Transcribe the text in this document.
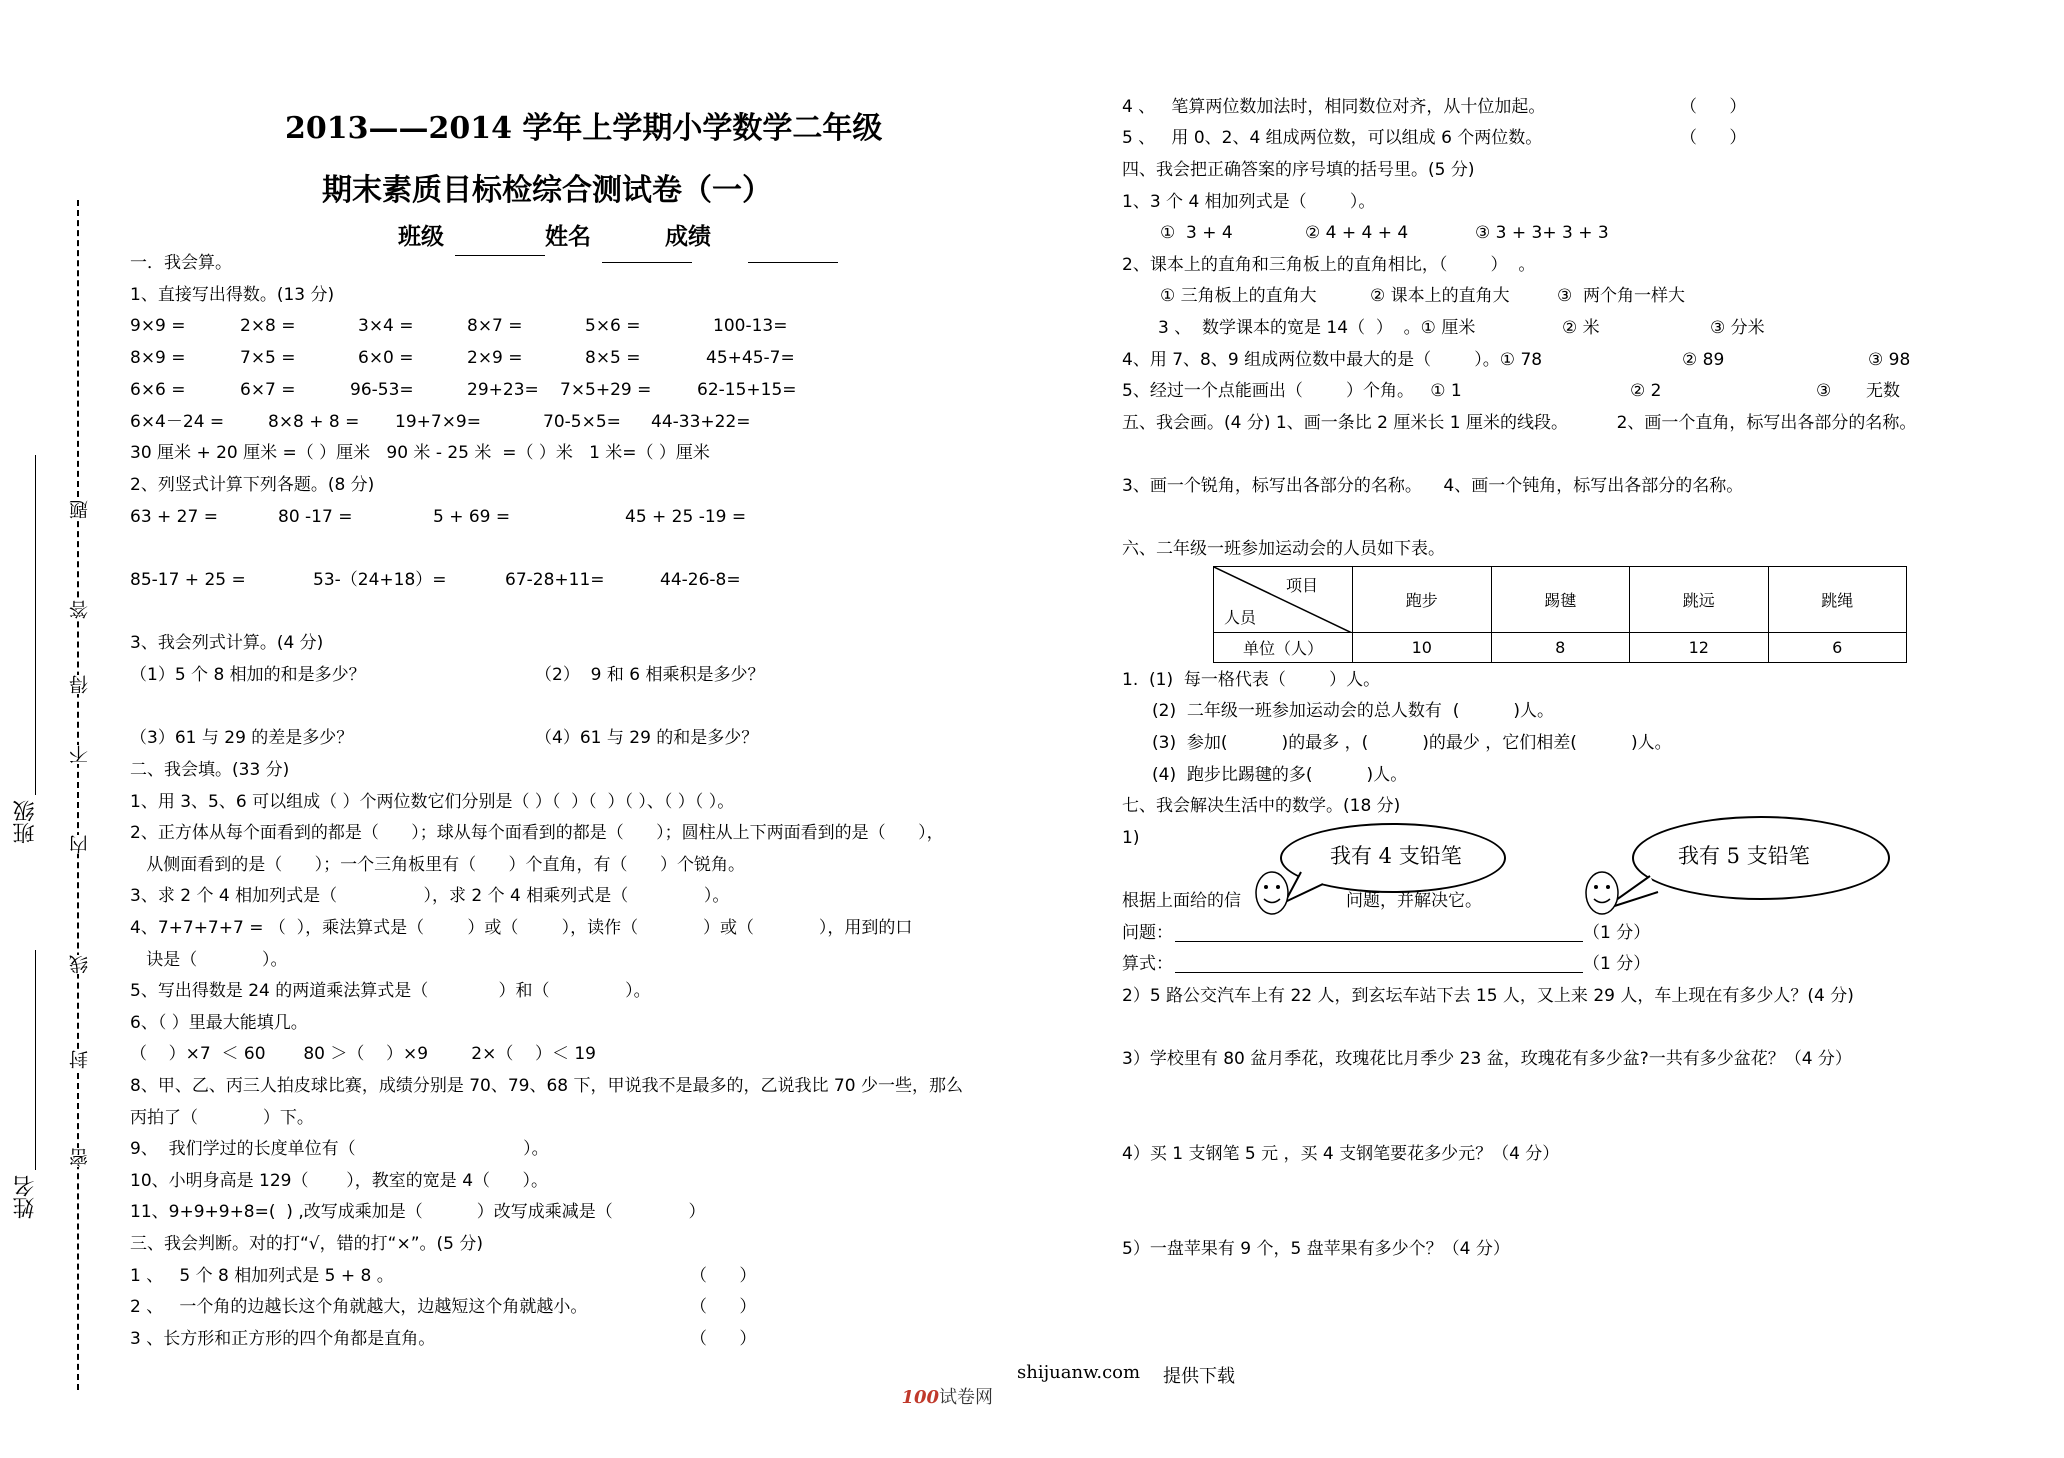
班级
姓名
密
封
线
内
不
得
答
题
2013——2014 学年上学期小学数学二年级
期末素质目标检综合测试卷（一）
班级	姓名	成绩
一．我会算。
1、直接写出得数。(13 分)
9×9 =	2×8 =	3×4 =	8×7 =	5×6 =	100-13=
8×9 =	7×5 =	6×0 =	2×9 =	8×5 =	45+45-7=
6×6 =	6×7 =	96-53=	29+23= 7×5+29 =	62-15+15=
6×4－24 =	8×8 + 8 = 19+7×9=	70-5×5= 44-33+22=
30 厘米 + 20 厘米 =（ ）厘米   90 米 - 25 米  =（ ）米   1 米=（ ）厘米
2、列竖式计算下列各题。(8 分)
63 + 27 =	80 -17 =	5 + 69 =	45 + 25 -19 =
85-17 + 25 =	53-（24+18）=	67-28+11=	44-26-8=
3、我会列式计算。(4 分)
（1）5 个 8 相加的和是多少？	（2）  9 和 6 相乘积是多少？
（3）61 与 29 的差是多少？	（4）61 与 29 的和是多少？
二、我会填。(33 分)
1、用 3、5、6 可以组成（ ）个两位数它们分别是（ ）（  ）（  ）（ ）、（ ）（ ）。
2、正方体从每个面看到的都是（      ）；球从每个面看到的都是（      ）；圆柱从上下两面看到的是（      ），
从侧面看到的是（      ）；一个三角板里有（      ）个直角，有（      ）个锐角。
3、求 2 个 4 相加列式是（                ），求 2 个 4 相乘列式是（              ）。
4、7+7+7+7 = （  ），乘法算式是（        ）或（        ），读作（            ）或（            ），用到的口
诀是（            ）。
5、写出得数是 24 的两道乘法算式是（             ）和（              ）。
6、（ ）里最大能填几。
（    ）×7  ＜ 60       80 ＞（    ）×9        2×（    ）＜ 19
8、甲、乙、丙三人拍皮球比赛，成绩分别是 70、79、68 下，甲说我不是最多的，乙说我比 70 少一些，那么
丙拍了（            ）下。
9、  我们学过的长度单位有（                               ）。
10、小明身高是 129（       ），教室的宽是 4（      ）。
11、9+9+9+8=(  ) ,改写成乘加是（          ）改写成乘减是（              ）
三、我会判断。对的打“√，错的打“×”。(5 分)
1 、   5 个 8 相加列式是 5 + 8 。	（      ）
2 、   一个角的边越长这个角就越大，边越短这个角就越小。	（      ）
3 、长方形和正方形的四个角都是直角。	（      ）
4 、   笔算两位数加法时，相同数位对齐，从十位加起。	（      ）
5 、   用 0、2、4 组成两位数，可以组成 6 个两位数。	（      ）
四、我会把正确答案的序号填的括号里。(5 分)
1、3 个 4 相加列式是（        ）。
①  3 + 4	② 4 + 4 + 4	③ 3 + 3+ 3 + 3
2、课本上的直角和三角板上的直角相比，（        ）  。
① 三角板上的直角大	② 课本上的直角大	③  两个角一样大
3 、  数学课本的宽是 14（  ）  。① 厘米	② 米	③ 分米
4、用 7、8、9 组成两位数中最大的是（        ）。① 78	② 89	③ 98
5、经过一个点能画出（        ）个角。   ① 1	② 2	③ 无数
五、我会画。(4 分) 1、画一条比 2 厘米长 1 厘米的线段。         2、画一个直角，标写出各部分的名称。
3、画一个锐角，标写出各部分的名称。    4、画一个钝角，标写出各部分的名称。
六、二年级一班参加运动会的人员如下表。
项目
人员	跑步	踢毽	跳远	跳绳
单位（人）	10	8	12	6
1.  (1)  每一格代表（        ）人。
(2)  二年级一班参加运动会的总人数有  (          )人。
(3)  参加(          )的最多 ，(          )的最少 ，它们相差(          )人。
(4)  跑步比踢毽的多(          )人。
七、我会解决生活中的数学。(18 分)
1)
我有 4 支铅笔	我有 5 支铅笔
根据上面给的信	问题，并解决它。
问题：	（1 分）
算式：	（1 分）
2）5 路公交汽车上有 22 人，到玄坛车站下去 15 人，又上来 29 人，车上现在有多少人？(4 分)
3）学校里有 80 盆月季花，玫瑰花比月季少 23 盆，玫瑰花有多少盆?一共有多少盆花？（4 分）
4）买 1 支钢笔 5 元 ，买 4 支钢笔要花多少元？（4 分）
5）一盘苹果有 9 个，5 盘苹果有多少个？（4 分）

100试卷网

shijuanw.com 提供下载
